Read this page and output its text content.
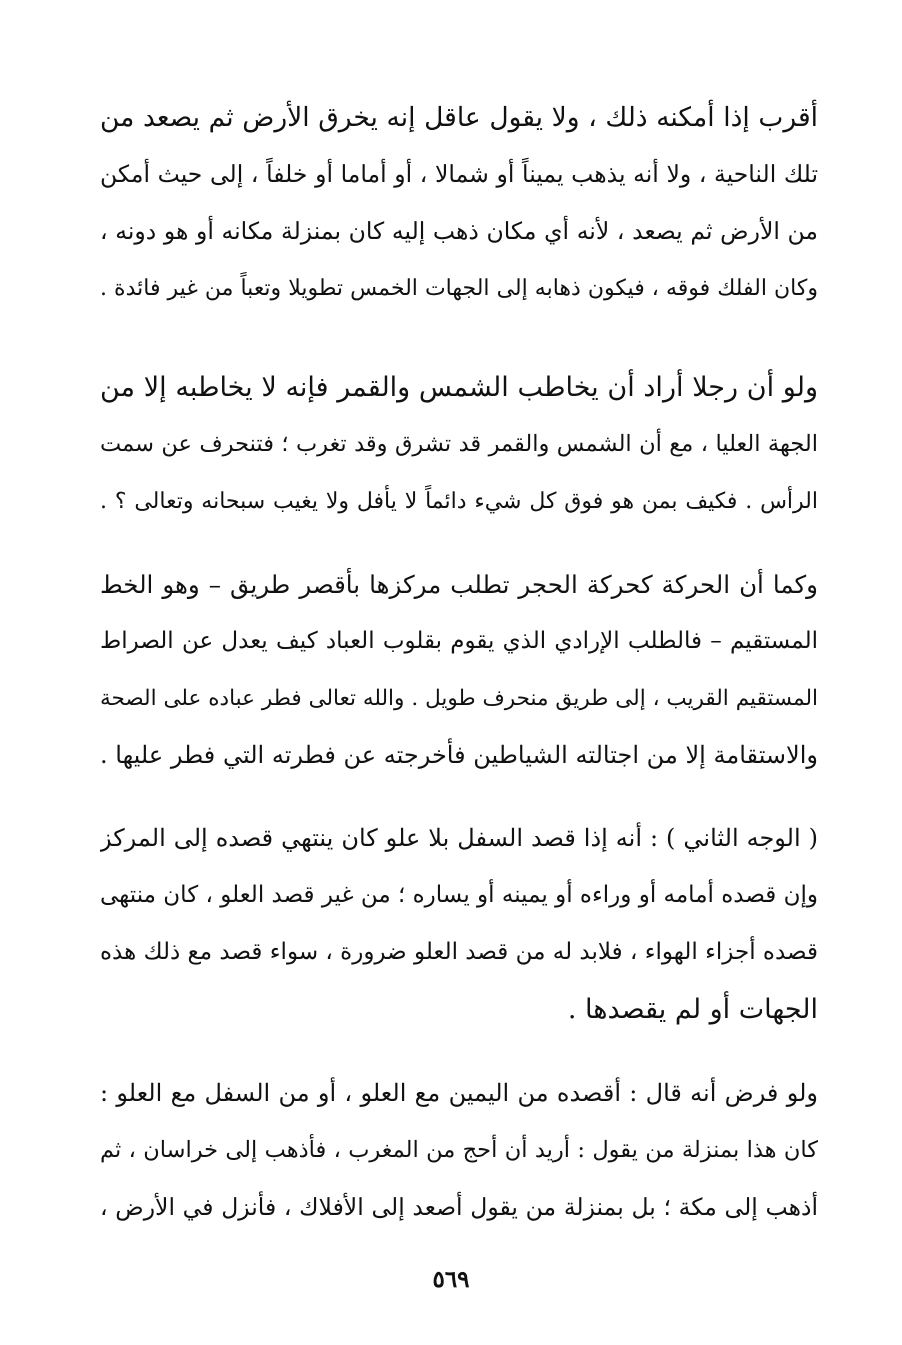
أقرب إذا أمكنه ذلك ، ولا يقول عاقل إنه يخرق الأرض ثم يصعد من
تلك الناحية ، ولا أنه يذهب يميناً أو شمالا ، أو أماما أو خلفاً ، إلى حيث أمكن
من الأرض ثم يصعد ، لأنه أي مكان ذهب إليه كان بمنزلة مكانه أو هو دونه ،
وكان الفلك فوقه ، فيكون ذهابه إلى الجهات الخمس تطويلا وتعباً من غير فائدة .
ولو أن رجلا أراد أن يخاطب الشمس والقمر فإنه لا يخاطبه إلا من
الجهة العليا ، مع أن الشمس والقمر قد تشرق وقد تغرب ؛ فتنحرف عن سمت
الرأس . فكيف بمن هو فوق كل شيء دائماً لا يأفل ولا يغيب سبحانه وتعالى ؟ .
وكما أن الحركة كحركة الحجر تطلب مركزها بأقصر طريق – وهو الخط
المستقيم – فالطلب الإرادي الذي يقوم بقلوب العباد كيف يعدل عن الصراط
المستقيم القريب ، إلى طريق منحرف طويل . والله تعالى فطر عباده على الصحة
والاستقامة إلا من اجتالته الشياطين فأخرجته عن فطرته التي فطر عليها .
( الوجه الثاني ) : أنه إذا قصد السفل بلا علو كان ينتهي قصده إلى المركز
وإن قصده أمامه أو وراءه أو يمينه أو يساره ؛ من غير قصد العلو ، كان منتهى
قصده أجزاء الهواء ، فلابد له من قصد العلو ضرورة ، سواء قصد مع ذلك هذه
الجهات أو لم يقصدها .
ولو فرض أنه قال : أقصده من اليمين مع العلو ، أو من السفل مع العلو :
كان هذا بمنزلة من يقول : أريد أن أحج من المغرب ، فأذهب إلى خراسان ، ثم
أذهب إلى مكة ؛ بل بمنزلة من يقول أصعد إلى الأفلاك ، فأنزل في الأرض ،
٥٦٩
